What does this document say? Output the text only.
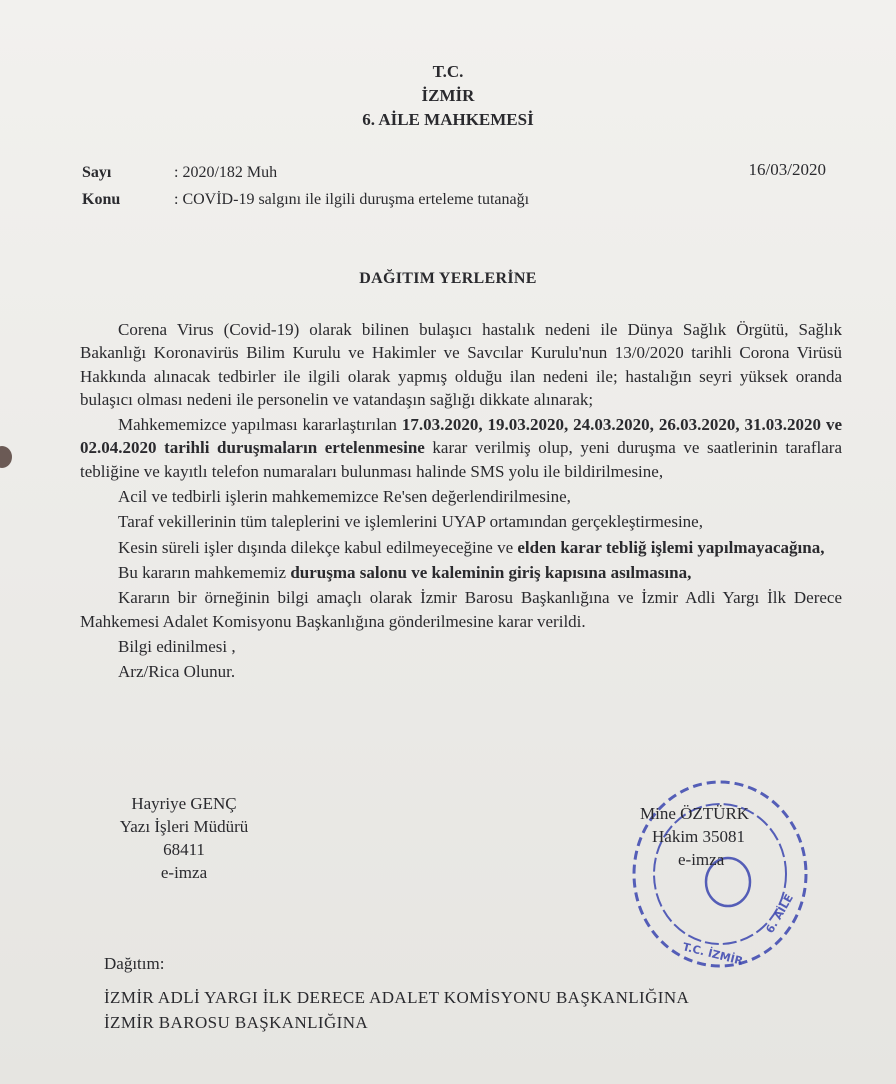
T.C.
İZMİR
6. AİLE MAHKEMESİ
Sayı	: 2020/182 Muh
Konu	: COVİD-19 salgını ile ilgili duruşma erteleme tutanağı
16/03/2020
DAĞITIM YERLERİNE

Corena Virus (Covid-19) olarak bilinen bulaşıcı hastalık nedeni ile Dünya Sağlık Örgütü, Sağlık Bakanlığı Koronavirüs Bilim Kurulu ve Hakimler ve Savcılar Kurulu'nun 13/0/2020 tarihli Corona Virüsü Hakkında alınacak tedbirler ile ilgili olarak yapmış olduğu ilan nedeni ile; hastalığın seyri yüksek oranda bulaşıcı olması nedeni ile personelin ve vatandaşın sağlığı dikkate alınarak;

Mahkememizce yapılması kararlaştırılan 17.03.2020, 19.03.2020, 24.03.2020, 26.03.2020, 31.03.2020 ve 02.04.2020 tarihli duruşmaların ertelenmesine karar verilmiş olup, yeni duruşma ve saatlerinin taraflara tebliğine ve kayıtlı telefon numaraları bulunması halinde SMS yolu ile bildirilmesine,

Acil ve tedbirli işlerin mahkememizce Re'sen değerlendirilmesine,

Taraf vekillerinin tüm taleplerini ve işlemlerini UYAP ortamından gerçekleştirmesine,

Kesin süreli işler dışında dilekçe kabul edilmeyeceğine ve elden karar tebliğ işlemi yapılmayacağına,

Bu kararın mahkememiz duruşma salonu ve kaleminin giriş kapısına asılmasına,

Kararın bir örneğinin bilgi amaçlı olarak İzmir Barosu Başkanlığına ve İzmir Adli Yargı İlk Derece Mahkemesi Adalet Komisyonu Başkanlığına gönderilmesine karar verildi.

Bilgi edinilmesi ,

Arz/Rica Olunur.

Hayriye GENÇ
Yazı İşleri Müdürü
68411
e-imza
T.C. İZMİR
6. AİLE
Mine ÖZTÜRK
Hakim 35081
e-imza
Dağıtım:
İZMİR ADLİ YARGI İLK DERECE ADALET KOMİSYONU BAŞKANLIĞINA
İZMİR BAROSU BAŞKANLIĞINA
